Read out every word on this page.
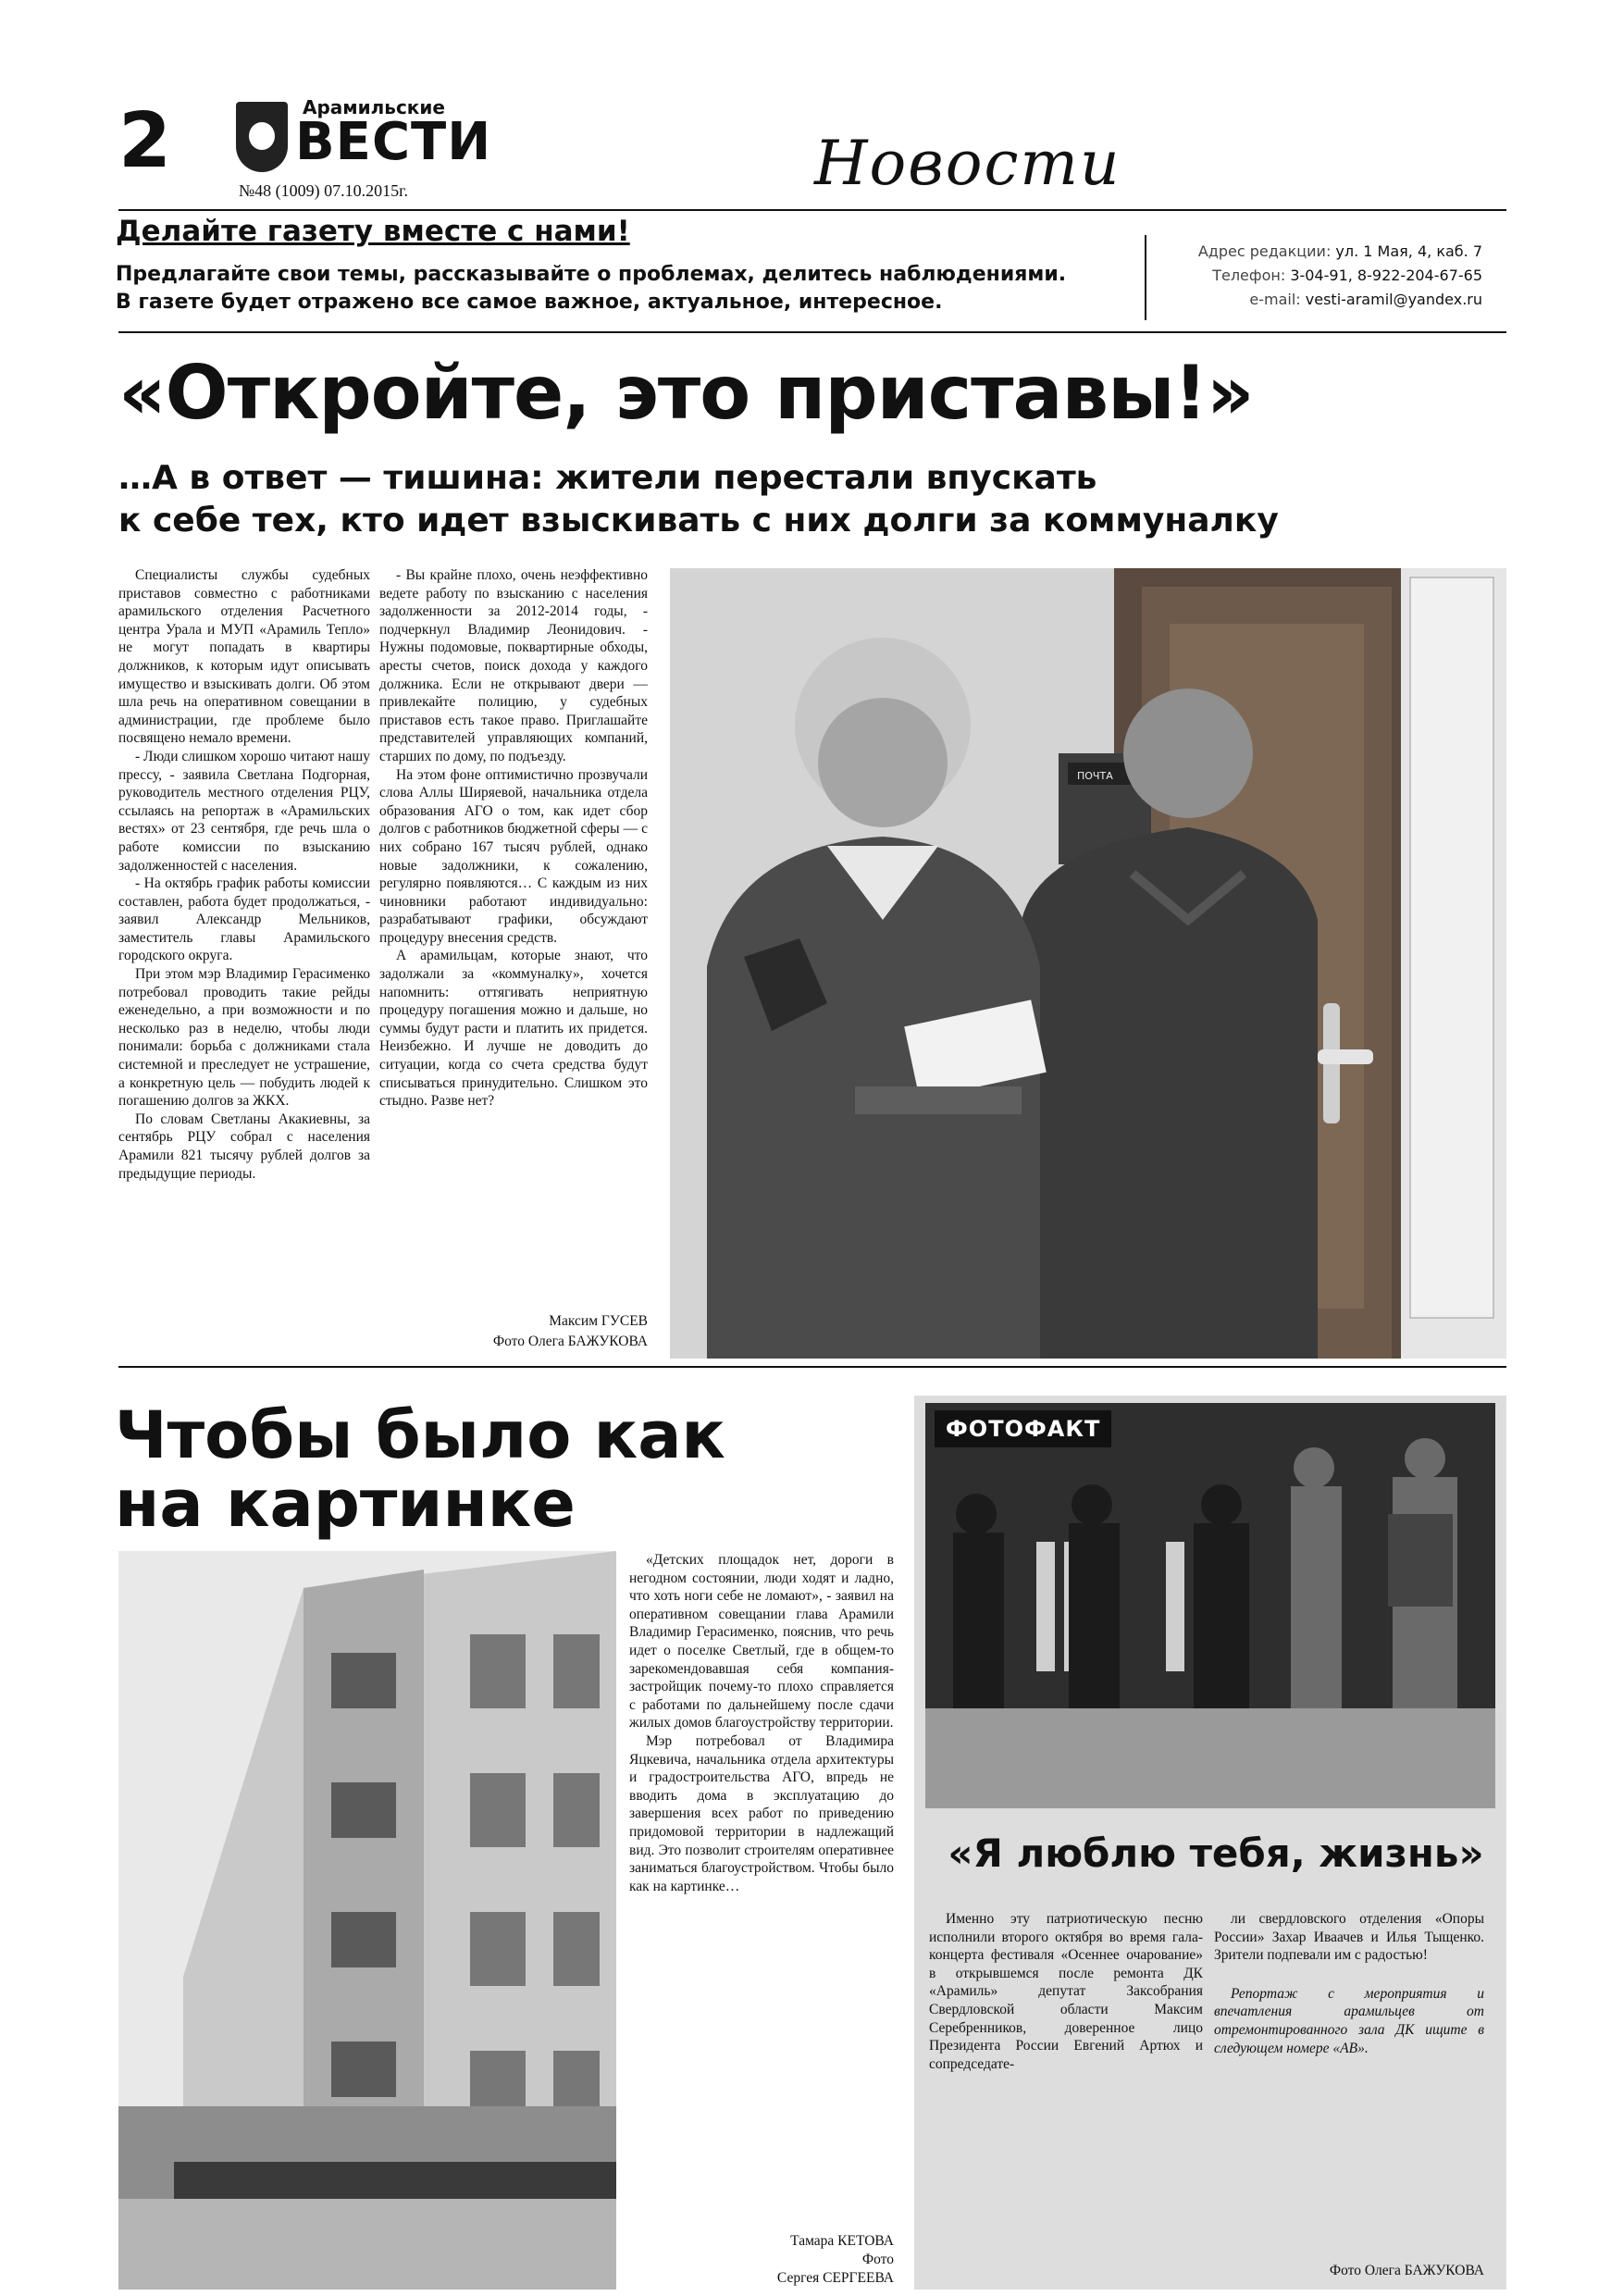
2	Арамильские
ВЕСТИ
№48 (1009) 07.10.2015г.	Новости
Делайте газету вместе с нами!
Предлагайте свои темы, рассказывайте о проблемах, делитесь наблюдениями.
В газете будет отражено все самое важное, актуальное, интересное.
Адрес редакции: ул. 1 Мая, 4, каб. 7
Телефон: 3-04-91, 8-922-204-67-65
e-mail: vesti-aramil@yandex.ru
«Откройте, это приставы!»
…А в ответ — тишина: жители перестали впускать
к себе тех, кто идет взыскивать с них долги за коммуналку

Специалисты службы судебных приставов совместно с работниками арамильского отделения Расчетного центра Урала и МУП «Арамиль Тепло» не могут попадать в квартиры должников, к которым идут описывать имущество и взыскивать долги. Об этом шла речь на оперативном совещании в администрации, где проблеме было посвящено немало времени.

- Люди слишком хорошо читают нашу прессу, - заявила Светлана Подгорная, руководитель местного отделения РЦУ, ссылаясь на репортаж в «Арамильских вестях» от 23 сентября, где речь шла о работе комиссии по взысканию задолженностей с населения.

- На октябрь график работы комиссии составлен, работа будет продолжаться, - заявил Александр Мельников, заместитель главы Арамильского городского округа.

При этом мэр Владимир Герасименко потребовал проводить такие рейды еженедельно, а при возможности и по несколько раз в неделю, чтобы люди понимали: борьба с должниками стала системной и преследует не устрашение, а конкретную цель — побудить людей к погашению долгов за ЖКХ.

По словам Светланы Акакиевны, за сентябрь РЦУ собрал с населения Арамили 821 тысячу рублей долгов за предыдущие периоды.

- Вы крайне плохо, очень неэффективно ведете работу по взысканию с населения задолженности за 2012-2014 годы, - подчеркнул Владимир Леонидович. - Нужны подомовые, поквартирные обходы, аресты счетов, поиск дохода у каждого должника. Если не открывают двери — привлекайте полицию, у судебных приставов есть такое право. Приглашайте представителей управляющих компаний, старших по дому, по подъезду.

На этом фоне оптимистично прозвучали слова Аллы Ширяевой, начальника отдела образования АГО о том, как идет сбор долгов с работников бюджетной сферы — с них собрано 167 тысяч рублей, однако новые задолжники, к сожалению, регулярно появляются… С каждым из них чиновники работают индивидуально: разрабатывают графики, обсуждают процедуру внесения средств.

А арамильцам, которые знают, что задолжали за «коммуналку», хочется напомнить: оттягивать неприятную процедуру погашения можно и дальше, но суммы будут расти и платить их придется. Неизбежно. И лучше не доводить до ситуации, когда со счета средства будут списываться принудительно. Слишком это стыдно. Разве нет?

Максим ГУСЕВ
Фото Олега БАЖУКОВА
ПОЧТА
Чтобы было как
на картинке

«Детских площадок нет, дороги в негодном состоянии, люди ходят и ладно, что хоть ноги себе не ломают», - заявил на оперативном совещании глава Арамили Владимир Герасименко, пояснив, что речь идет о поселке Светлый, где в общем-то зарекомендовавшая себя компания-застройщик почему-то плохо справляется с работами по дальнейшему после сдачи жилых домов благоустройству территории.

Мэр потребовал от Владимира Яцкевича, начальника отдела архитектуры и градостроительства АГО, впредь не вводить дома в эксплуатацию до завершения всех работ по приведению придомовой территории в надлежащий вид. Это позволит строителям оперативнее заниматься благоустройством. Чтобы было как на картинке…

Тамара КЕТОВА
Фото
Сергея СЕРГЕЕВА
ФОТОФАКТ
«Я люблю тебя, жизнь»

Именно эту патриотическую песню исполнили второго октября во время гала-концерта фестиваля «Осеннее очарование» в открывшемся после ремонта ДК «Арамиль» депутат Заксобрания Свердловской области Максим Серебренников, доверенное лицо Президента России Евгений Артюх и сопредседате-

ли свердловского отделения «Опоры России» Захар Иваачев и Илья Тыщенко. Зрители подпевали им с радостью!

Репортаж с мероприятия и впечатления арамильцев от отремонтированного зала ДК ищите в следующем номере «АВ».

Фото Олега БАЖУКОВА
